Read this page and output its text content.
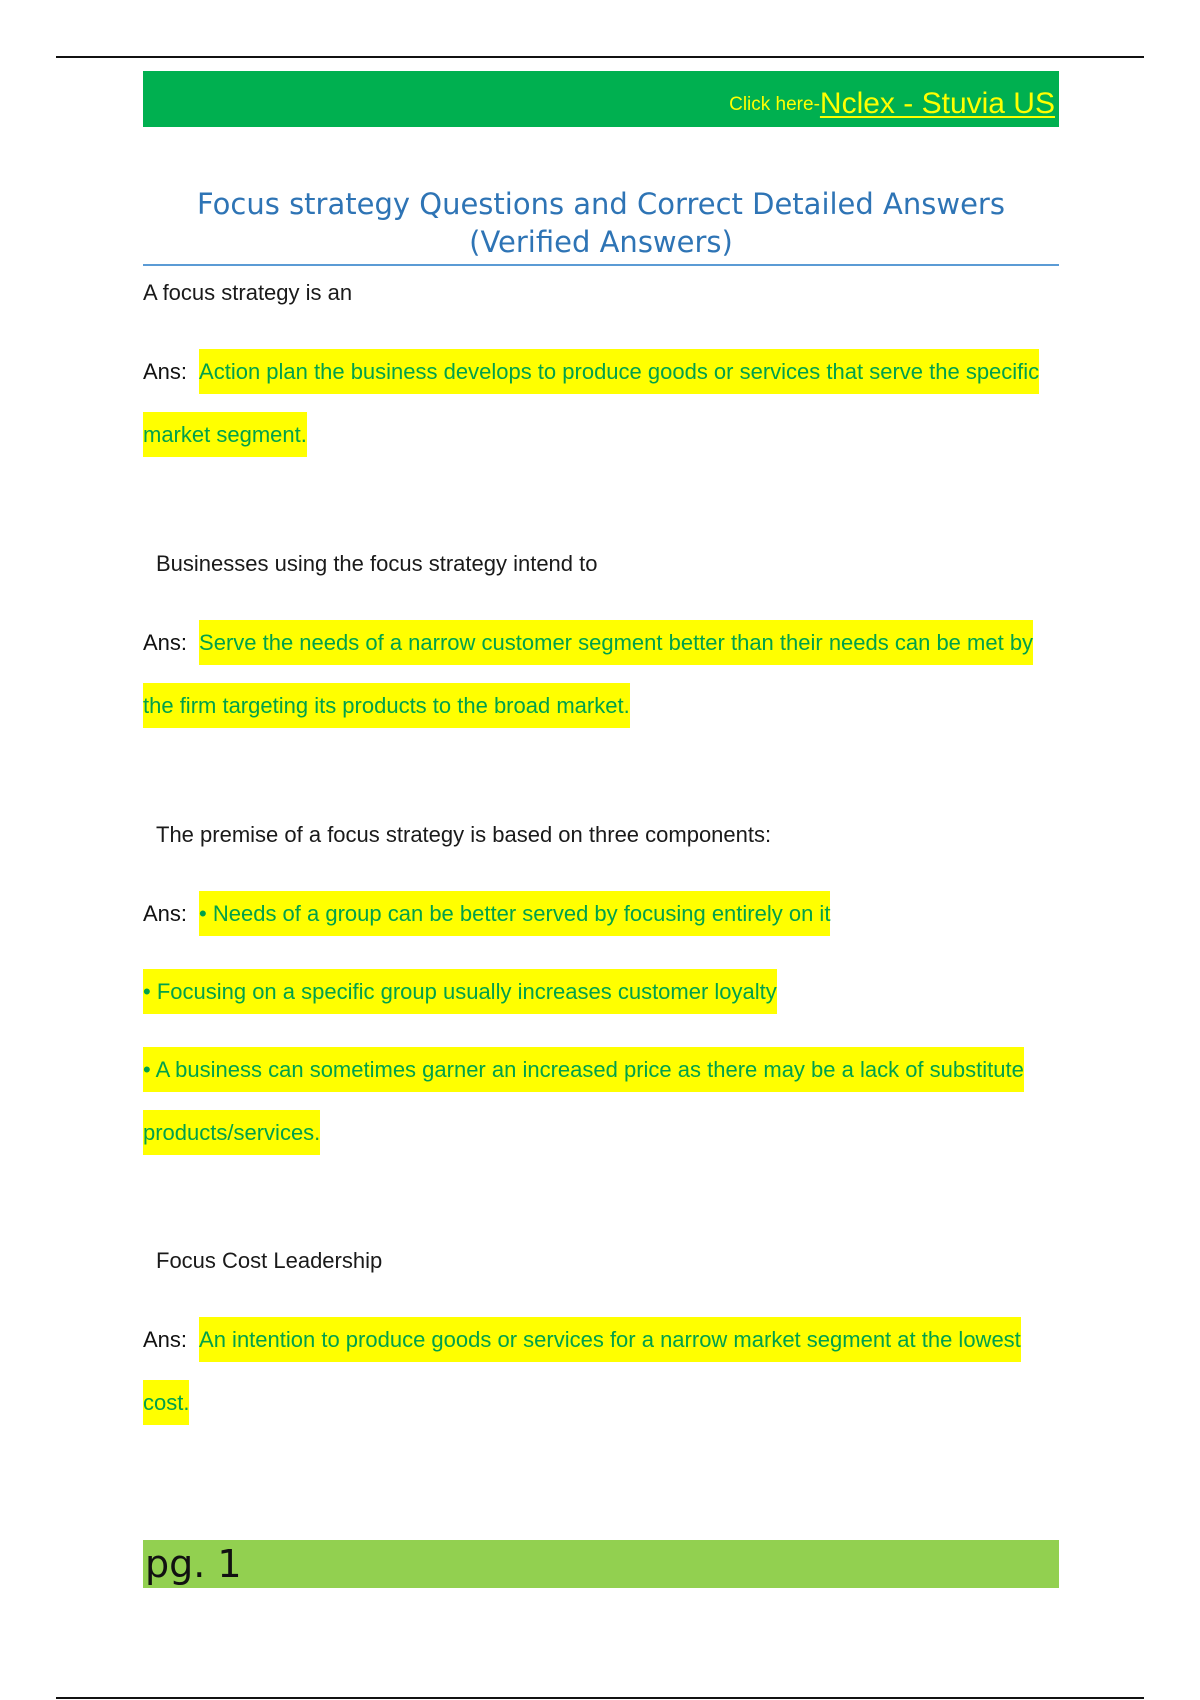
Click here- Nclex - Stuvia US
Focus strategy Questions and Correct Detailed Answers
(Verified Answers)

A focus strategy is an

Ans: Action plan the business develops to produce goods or services that serve the specific market segment.

Businesses using the focus strategy intend to

Ans: Serve the needs of a narrow customer segment better than their needs can be met by the firm targeting its products to the broad market.

The premise of a focus strategy is based on three components:

Ans: • Needs of a group can be better served by focusing entirely on it

• Focusing on a specific group usually increases customer loyalty

• A business can sometimes garner an increased price as there may be a lack of substitute products/services.

Focus Cost Leadership

Ans: An intention to produce goods or services for a narrow market segment at the lowest cost.

pg. 1
